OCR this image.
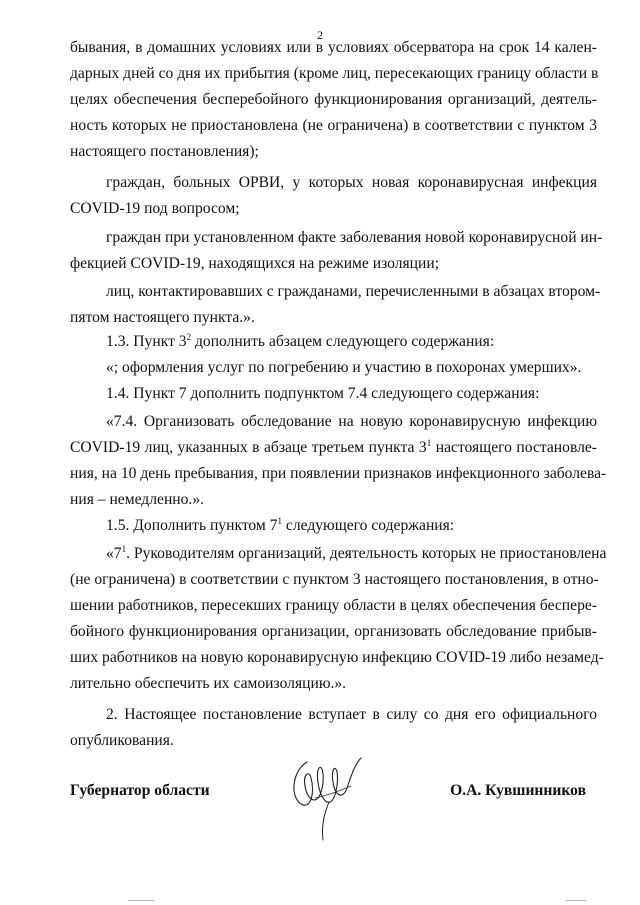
2
бывания, в домашних условиях или в условиях обсерватора на срок 14 кален-
дарных дней со дня их прибытия (кроме лиц, пересекающих границу области в
целях обеспечения бесперебойного функционирования организаций, деятель-
ность которых не приостановлена (не ограничена) в соответствии с пунктом 3
настоящего постановления);
граждан, больных ОРВИ, у которых новая коронавирусная инфекция
COVID-19 под вопросом;
граждан при установленном факте заболевания новой коронавирусной ин-
фекцией COVID-19, находящихся на режиме изоляции;
лиц, контактировавших с гражданами, перечисленными в абзацах втором-
пятом настоящего пункта.».
1.3. Пункт $3^2$ дополнить абзацем следующего содержания:
«; оформления услуг по погребению и участию в похоронах умерших».
1.4. Пункт 7 дополнить подпунктом 7.4 следующего содержания:
«7.4. Организовать обследование на новую коронавирусную инфекцию
COVID-19 лиц, указанных в абзаце третьем пункта $3^1$ настоящего постановле-
ния, на 10 день пребывания, при появлении признаков инфекционного заболева-
ния – немедленно.».
1.5. Дополнить пунктом $7^1$ следующего содержания:
«$7^1$. Руководителям организаций, деятельность которых не приостановлена
(не ограничена) в соответствии с пунктом 3 настоящего постановления, в отно-
шении работников, пересекших границу области в целях обеспечения беспере-
бойного функционирования организации, организовать обследование прибыв-
ших работников на новую коронавирусную инфекцию COVID-19 либо незамед-
лительно обеспечить их самоизоляцию.».
2. Настоящее постановление вступает в силу со дня его официального
опубликования.
Губернатор области	О.А. Кувшинников
